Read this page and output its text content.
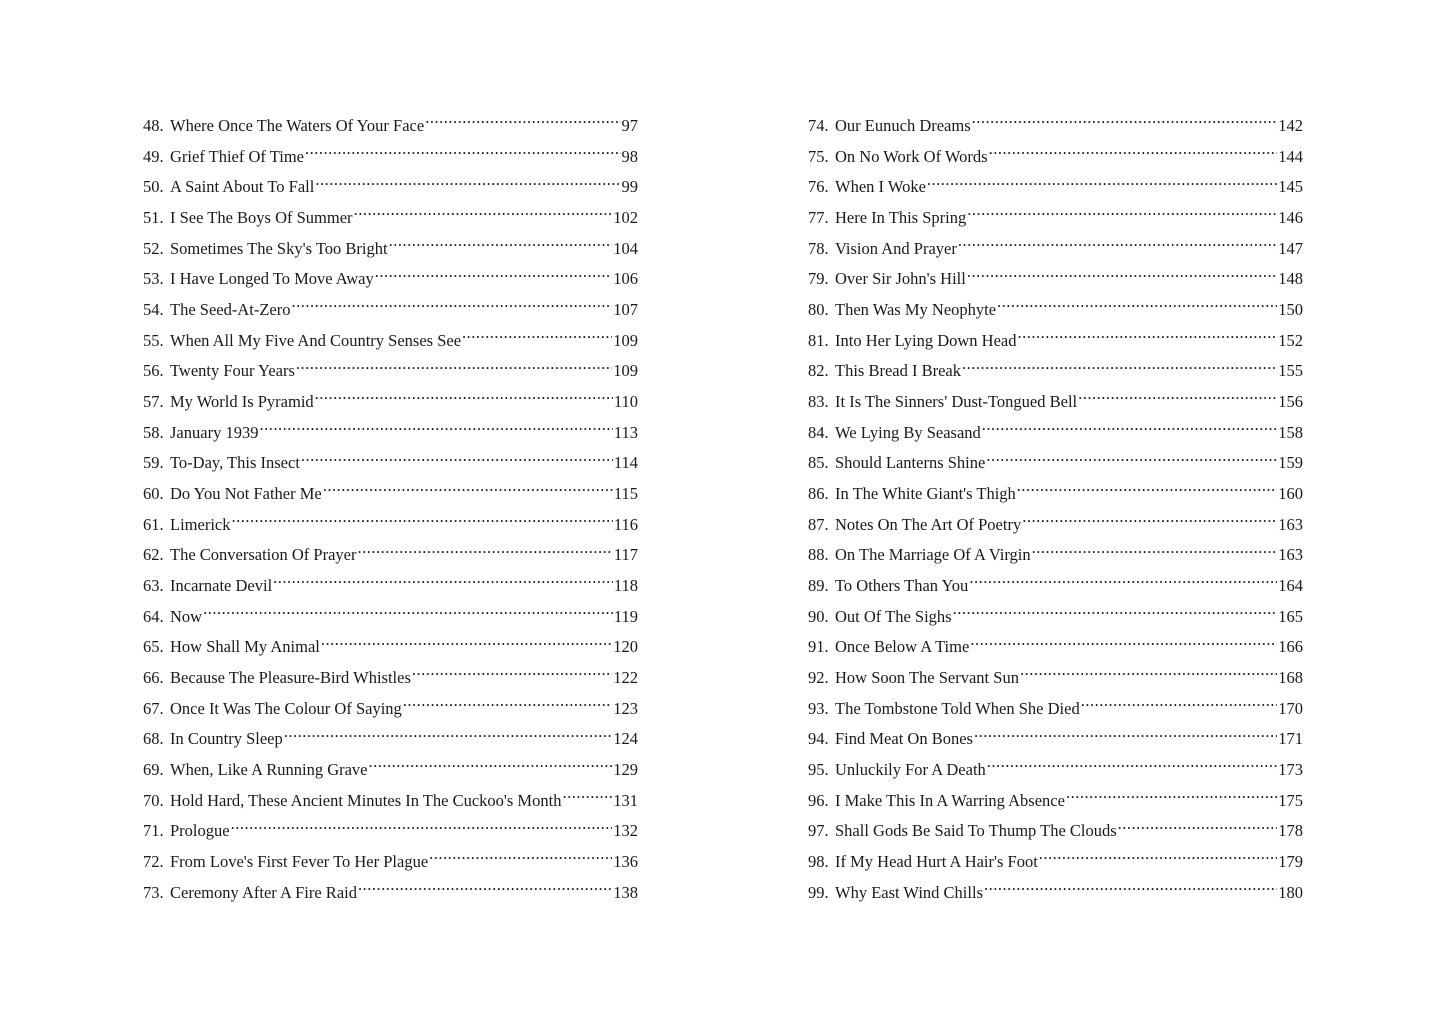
48. Where Once The Waters Of Your Face .....	97
49. Grief Thief Of Time .....	98
50. A Saint About To Fall .....	99
51. I See The Boys Of Summer .....	102
52. Sometimes The Sky's Too Bright .....	104
53. I Have Longed To Move Away .....	106
54. The Seed-At-Zero .....	107
55. When All My Five And Country Senses See .....	109
56. Twenty Four Years .....	109
57. My World Is Pyramid .....	110
58. January 1939 .....	113
59. To-Day, This Insect .....	114
60. Do You Not Father Me .....	115
61. Limerick .....	116
62. The Conversation Of Prayer .....	117
63. Incarnate Devil .....	118
64. Now .....	119
65. How Shall My Animal .....	120
66. Because The Pleasure-Bird Whistles .....	122
67. Once It Was The Colour Of Saying .....	123
68. In Country Sleep .....	124
69. When, Like A Running Grave .....	129
70. Hold Hard, These Ancient Minutes In The Cuckoo's Month .....	131
71. Prologue .....	132
72. From Love's First Fever To Her Plague .....	136
73. Ceremony After A Fire Raid .....	138
74. Our Eunuch Dreams .....	142
75. On No Work Of Words .....	144
76. When I Woke .....	145
77. Here In This Spring .....	146
78. Vision And Prayer .....	147
79. Over Sir John's Hill .....	148
80. Then Was My Neophyte .....	150
81. Into Her Lying Down Head .....	152
82. This Bread I Break .....	155
83. It Is The Sinners' Dust-Tongued Bell .....	156
84. We Lying By Seasand .....	158
85. Should Lanterns Shine .....	159
86. In The White Giant's Thigh .....	160
87. Notes On The Art Of Poetry .....	163
88. On The Marriage Of A Virgin .....	163
89. To Others Than You .....	164
90. Out Of The Sighs .....	165
91. Once Below A Time .....	166
92. How Soon The Servant Sun .....	168
93. The Tombstone Told When She Died .....	170
94. Find Meat On Bones .....	171
95. Unluckily For A Death .....	173
96. I Make This In A Warring Absence .....	175
97. Shall Gods Be Said To Thump The Clouds .....	178
98. If My Head Hurt A Hair's Foot .....	179
99. Why East Wind Chills .....	180
